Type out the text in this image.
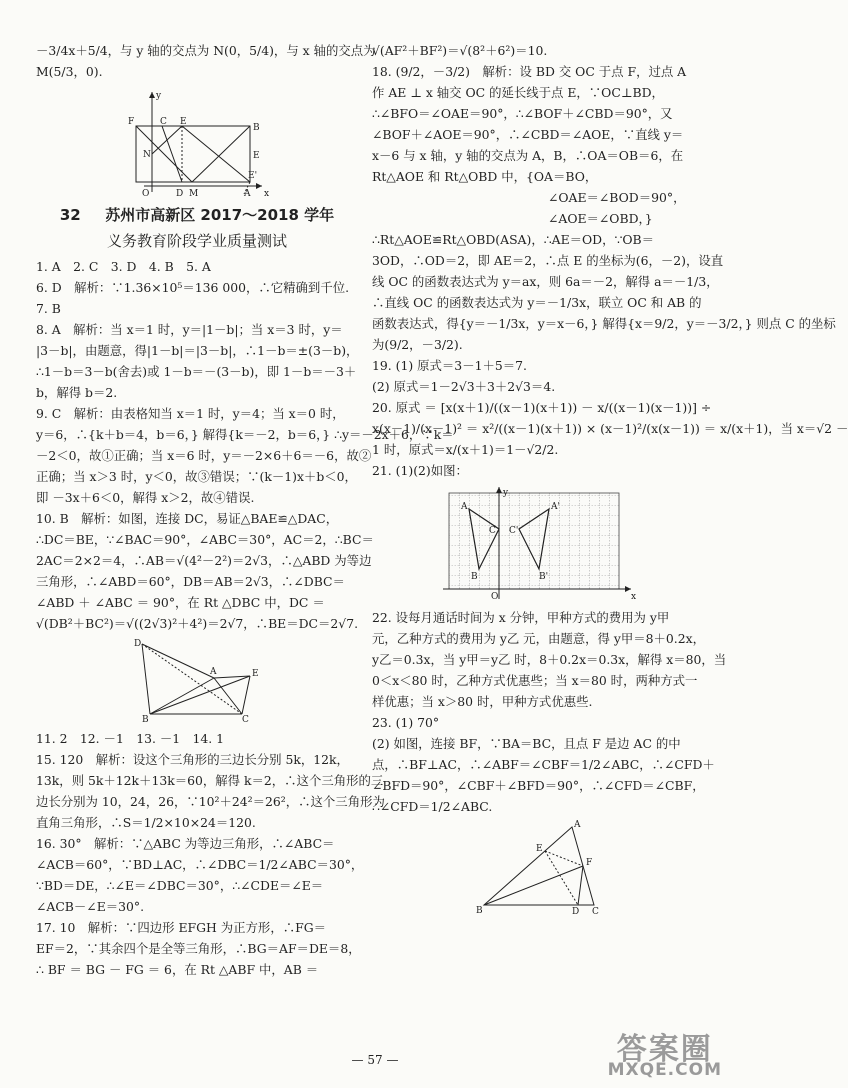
－3/4x＋5/4，与 y 轴的交点为 N(0，5/4)，与 x 轴的交点为
M(5/3，0).
y
F	C E
B
N	E
O	D M	A
E'
x
32 苏州市高新区 2017～2018 学年
义务教育阶段学业质量测试
1. A　2. C　3. D　4. B　5. A
6. D　解析：∵1.36×10⁵＝136 000，∴它精确到千位.
7. B
8. A　解析：当 x＝1 时，y＝|1－b|；当 x＝3 时，y＝
|3－b|，由题意，得|1－b|＝|3－b|，∴1－b＝±(3－b)，
∴1－b＝3－b(舍去)或 1－b＝－(3－b)，即 1－b＝－3＋
b，解得 b＝2.
9. C　解析：由表格知当 x＝1 时，y＝4；当 x＝0 时，
y＝6，∴{k＋b＝4，b＝6，} 解得{k＝－2，b＝6，} ∴y＝－2x＋6，∵k＝
－2＜0，故①正确；当 x＝6 时，y＝－2×6＋6＝－6，故②
正确；当 x＞3 时，y＜0，故③错误；∵(k－1)x＋b＜0，
即 －3x＋6＜0，解得 x＞2，故④错误.
10. B　解析：如图，连接 DC，易证△BAE≌△DAC，
∴DC＝BE，∵∠BAC＝90°，∠ABC＝30°，AC＝2，∴BC＝
2AC＝2×2＝4，∴AB＝√(4²－2²)＝2√3，∴△ABD 为等边
三角形，∴∠ABD＝60°，DB＝AB＝2√3，∴∠DBC＝
∠ABD ＋ ∠ABC ＝ 90°，在 Rt △DBC 中，DC ＝
√(DB²＋BC²)＝√((2√3)²＋4²)＝2√7，∴BE＝DC＝2√7.
D
A	E
B	C
11. 2　12. －1　13. －1　14. 1
15. 120　解析：设这个三角形的三边长分别 5k，12k，
13k，则 5k＋12k＋13k＝60，解得 k＝2，∴这个三角形的三
边长分别为 10，24，26，∵10²＋24²＝26²，∴这个三角形为
直角三角形，∴S＝1/2×10×24＝120.
16. 30°　解析：∵△ABC 为等边三角形，∴∠ABC＝
∠ACB＝60°，∵BD⊥AC，∴∠DBC＝1/2∠ABC＝30°，
∵BD＝DE，∴∠E＝∠DBC＝30°，∴∠CDE＝∠E＝
∠ACB－∠E＝30°.
17. 10　解析：∵四边形 EFGH 为正方形，∴FG＝
EF＝2，∵其余四个是全等三角形，∴BG＝AF＝DE＝8，
∴ BF ＝ BG － FG ＝ 6，在 Rt △ABF 中，AB ＝
√(AF²＋BF²)＝√(8²＋6²)＝10.
18. (9/2，－3/2)　解析：设 BD 交 OC 于点 F，过点 A
作 AE ⊥ x 轴交 OC 的延长线于点 E，∵OC⊥BD，
∴∠BFO＝∠OAE＝90°，∴∠BOF＋∠CBD＝90°，又
∠BOF＋∠AOE＝90°，∴∠CBD＝∠AOE，∵直线 y＝
x－6 与 x 轴，y 轴的交点为 A，B，∴OA＝OB＝6，在
Rt△AOE 和 Rt△OBD 中，{OA＝BO，
∠OAE＝∠BOD＝90°，
∠AOE＝∠OBD，}
∴Rt△AOE≌Rt△OBD(ASA)，∴AE＝OD，∵OB＝
3OD，∴OD＝2，即 AE＝2，∴点 E 的坐标为(6，－2)，设直
线 OC 的函数表达式为 y＝ax，则 6a＝－2，解得 a＝－1/3，
∴直线 OC 的函数表达式为 y＝－1/3x，联立 OC 和 AB 的
函数表达式，得{y＝－1/3x，y＝x－6，} 解得{x＝9/2，y＝－3/2，} 则点 C 的坐标
为(9/2，－3/2).
19. (1) 原式＝3－1＋5＝7.
(2) 原式＝1－2√3＋3＋2√3＝4.
20. 原式 ＝ [x(x＋1)/((x－1)(x＋1)) － x/((x－1)(x－1))] ÷
x(x－1)/(x－1)² ＝ x²/((x－1)(x＋1)) × (x－1)²/(x(x－1)) ＝ x/(x＋1)，当 x＝√2 －
1 时，原式＝x/(x＋1)＝1－√2/2.
21. (1)(2)如图：
y
A
C C'
A'
B	B'
O	x
22. 设每月通话时间为 x 分钟，甲种方式的费用为 y甲
元，乙种方式的费用为 y乙 元，由题意，得 y甲＝8＋0.2x，
y乙＝0.3x，当 y甲＝y乙 时，8＋0.2x＝0.3x，解得 x＝80，当
0＜x＜80 时，乙种方式优惠些；当 x＝80 时，两种方式一
样优惠；当 x＞80 时，甲种方式优惠些.
23. (1) 70°
(2) 如图，连接 BF，∵BA＝BC，且点 F 是边 AC 的中
点，∴BF⊥AC，∴∠ABF＝∠CBF＝1/2∠ABC，∴∠CFD＋
∠BFD＝90°，∠CBF＋∠BFD＝90°，∴∠CFD＝∠CBF，
∴∠CFD＝1/2∠ABC.
A
E
F
B	D C
— 57 —	答案圈
MXQE.COM
